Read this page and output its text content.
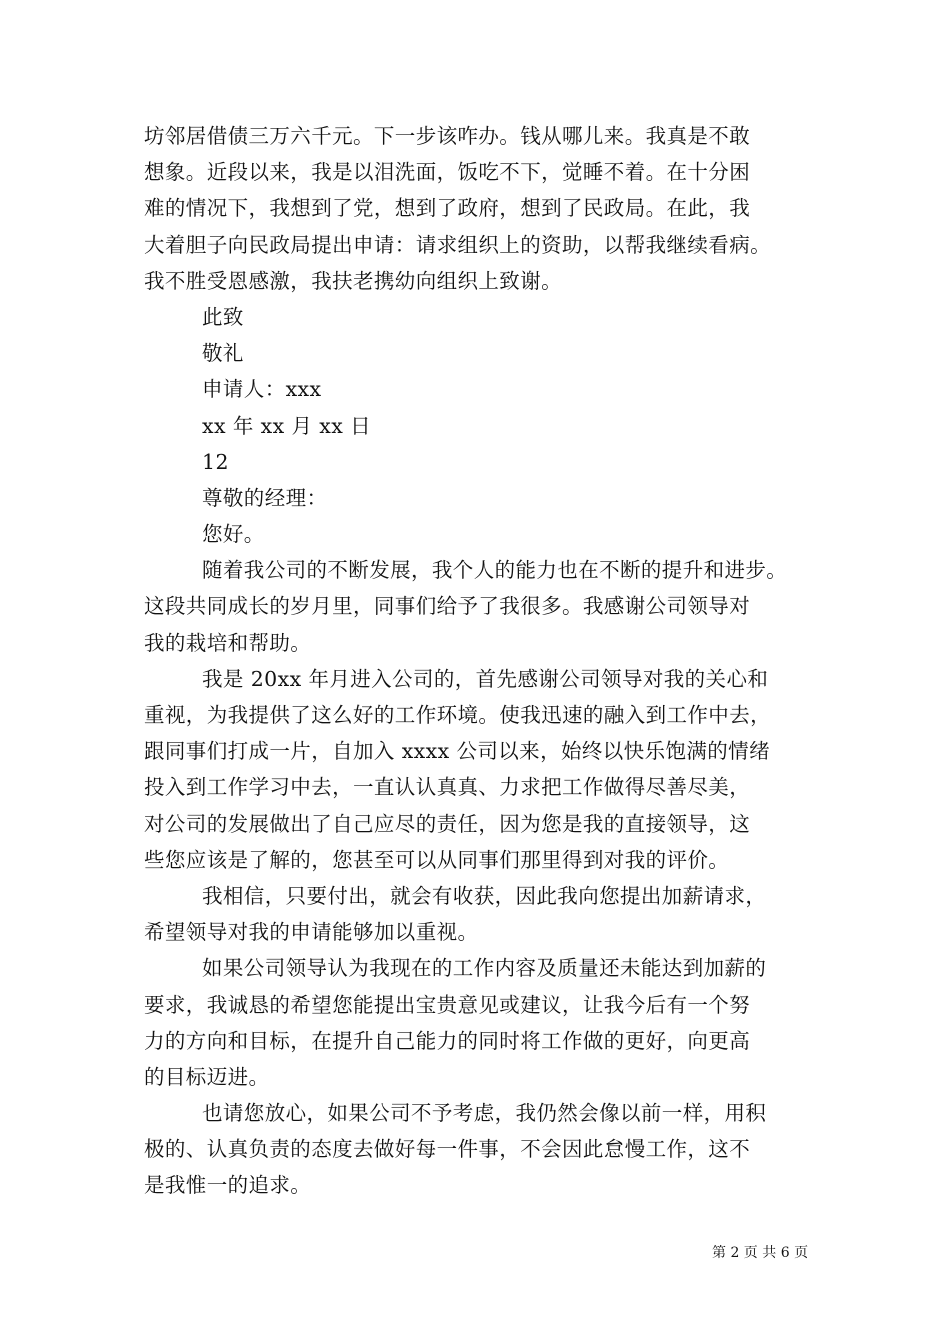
坊邻居借债三万六千元。下一步该咋办。钱从哪儿来。我真是不敢

想象。近段以来，我是以泪洗面，饭吃不下，觉睡不着。在十分困

难的情况下，我想到了党，想到了政府，想到了民政局。在此，我

大着胆子向民政局提出申请：请求组织上的资助，以帮我继续看病。

我不胜受恩感激，我扶老携幼向组织上致谢。

此致

敬礼

申请人：xxx

xx 年 xx 月 xx 日

12

尊敬的经理：

您好。

随着我公司的不断发展，我个人的能力也在不断的提升和进步。

这段共同成长的岁月里，同事们给予了我很多。我感谢公司领导对

我的栽培和帮助。

我是 20xx 年月进入公司的，首先感谢公司领导对我的关心和

重视，为我提供了这么好的工作环境。使我迅速的融入到工作中去，

跟同事们打成一片，自加入 xxxx 公司以来，始终以快乐饱满的情绪

投入到工作学习中去，一直认认真真、力求把工作做得尽善尽美，

对公司的发展做出了自己应尽的责任，因为您是我的直接领导，这

些您应该是了解的，您甚至可以从同事们那里得到对我的评价。

我相信，只要付出，就会有收获，因此我向您提出加薪请求，

希望领导对我的申请能够加以重视。

如果公司领导认为我现在的工作内容及质量还未能达到加薪的

要求，我诚恳的希望您能提出宝贵意见或建议，让我今后有一个努

力的方向和目标，在提升自己能力的同时将工作做的更好，向更高

的目标迈进。

也请您放心，如果公司不予考虑，我仍然会像以前一样，用积

极的、认真负责的态度去做好每一件事，不会因此怠慢工作，这不

是我惟一的追求。

第 2 页 共 6 页
